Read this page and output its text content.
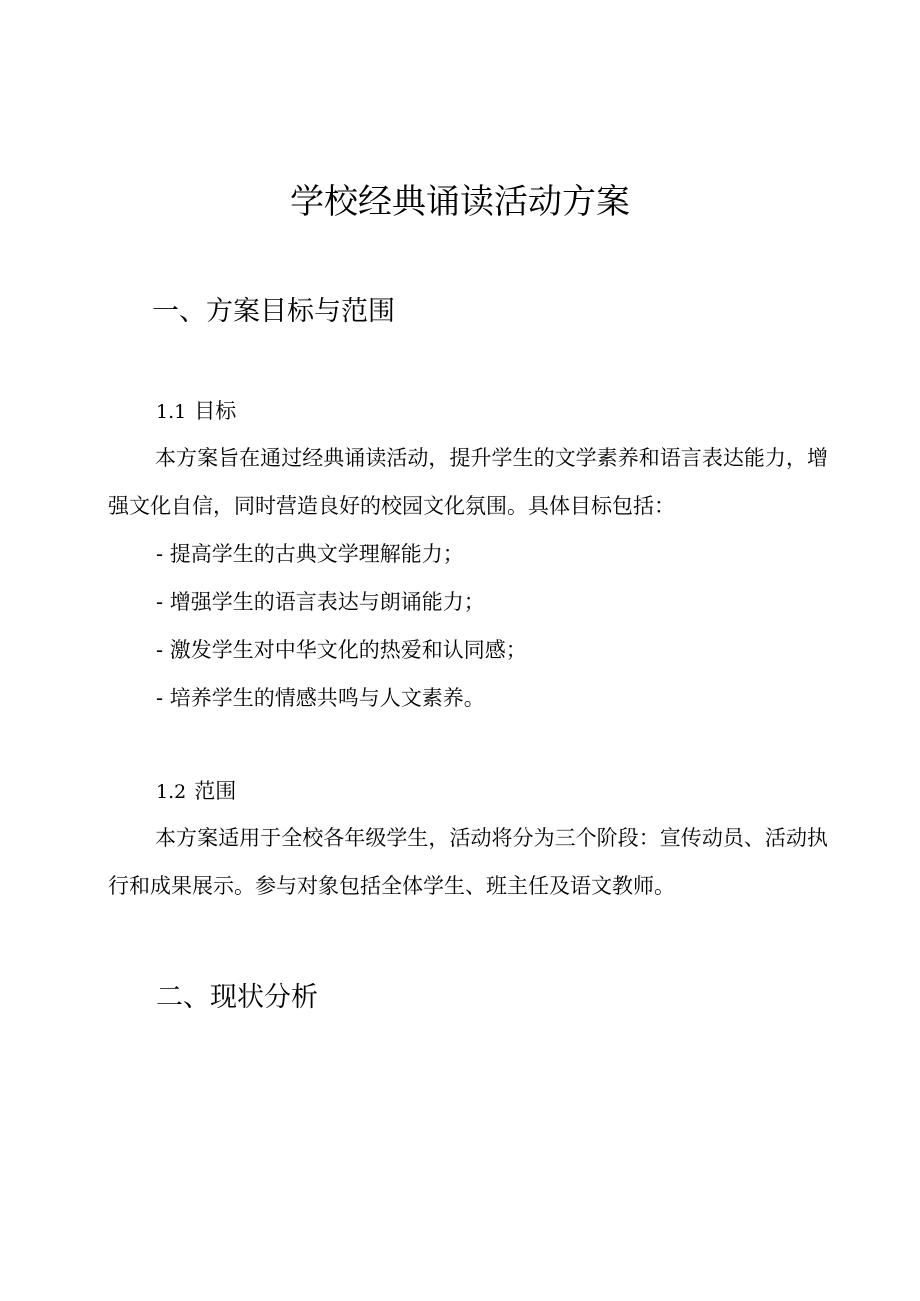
学校经典诵读活动方案
一、方案目标与范围
1.1 目标
本方案旨在通过经典诵读活动，提升学生的文学素养和语言表达能力，增强文化自信，同时营造良好的校园文化氛围。具体目标包括：
- 提高学生的古典文学理解能力；
- 增强学生的语言表达与朗诵能力；
- 激发学生对中华文化的热爱和认同感；
- 培养学生的情感共鸣与人文素养。
1.2 范围
本方案适用于全校各年级学生，活动将分为三个阶段：宣传动员、活动执行和成果展示。参与对象包括全体学生、班主任及语文教师。
二、现状分析
